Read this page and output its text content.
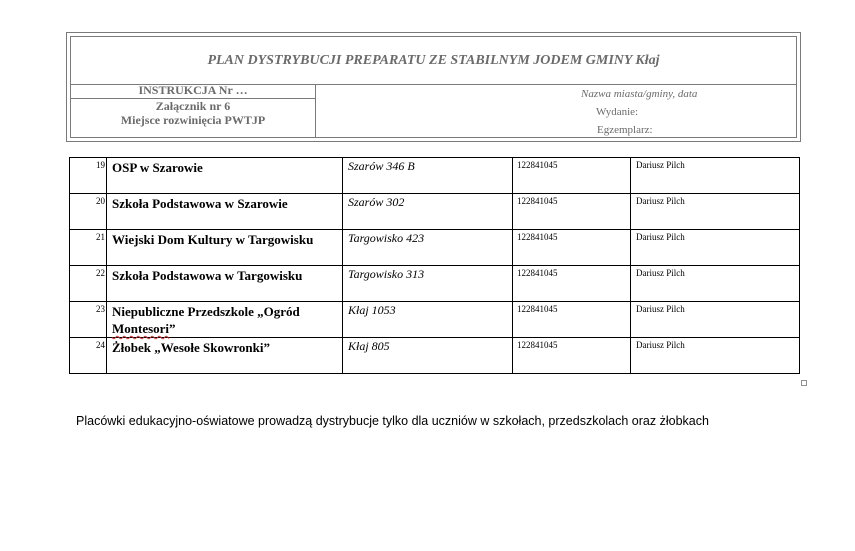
PLAN DYSTRYBUCJI PREPARATU ZE STABILNYM JODEM GMINY Kłaj
INSTRUKCJA Nr …
Załącznik nr 6
Miejsce rozwinięcia PWTJP
Nazwa miasta/gminy, data
Wydanie:
Egzemplarz:
19	OSP w Szarowie	Szarów 346 B	122841045	Dariusz Pilch
20	Szkoła Podstawowa w Szarowie	Szarów 302	122841045	Dariusz Pilch
21	Wiejski Dom Kultury w Targowisku	Targowisko 423	122841045	Dariusz Pilch
22	Szkoła Podstawowa w Targowisku	Targowisko 313	122841045	Dariusz Pilch
23	Niepubliczne Przedszkole „Ogród
Montesori”	Kłaj 1053	122841045	Dariusz Pilch
24	Żłobek „Wesołe Skowronki”	Kłaj 805	122841045	Dariusz Pilch
Placówki edukacyjno-oświatowe prowadzą dystrybucje tylko dla uczniów w szkołach, przedszkolach oraz żłobkach
